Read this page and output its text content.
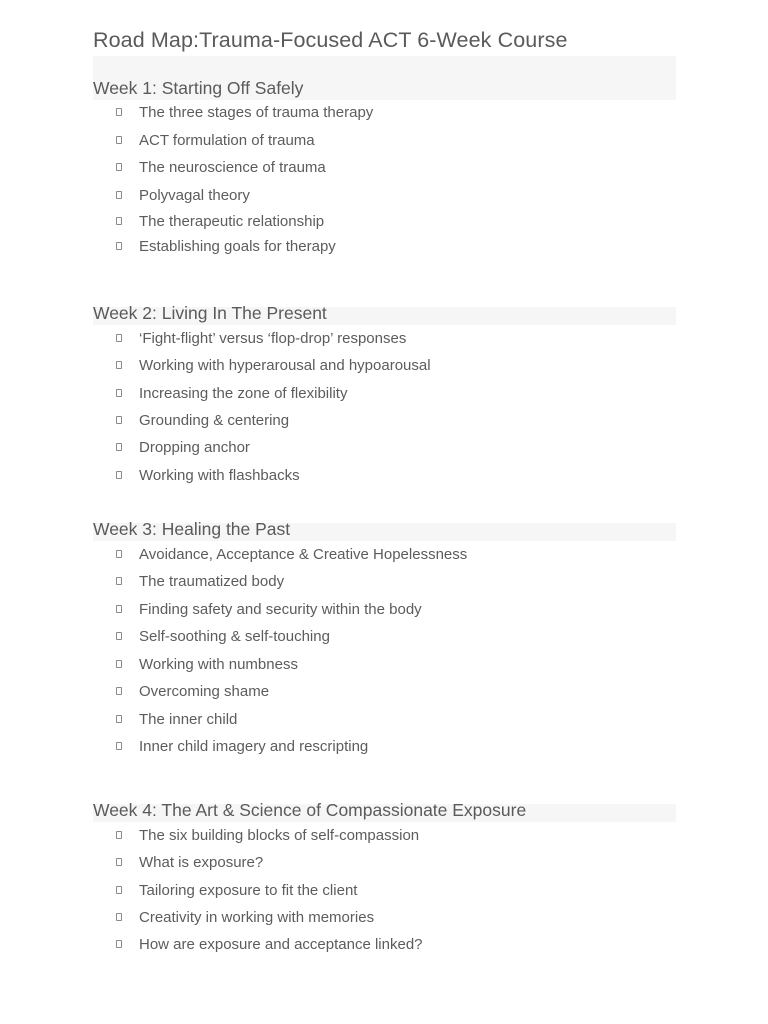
Road Map:Trauma-Focused ACT 6-Week Course
Week 1: Starting Off Safely
The three stages of trauma therapy
ACT formulation of trauma
The neuroscience of trauma
Polyvagal theory
The therapeutic relationship
Establishing goals for therapy
Week 2: Living In The Present
‘Fight-flight’ versus ‘flop-drop’ responses
Working with hyperarousal and hypoarousal
Increasing the zone of flexibility
Grounding & centering
Dropping anchor
Working with flashbacks
Week 3: Healing the Past
Avoidance, Acceptance & Creative Hopelessness
The traumatized body
Finding safety and security within the body
Self-soothing & self-touching
Working with numbness
Overcoming shame
The inner child
Inner child imagery and rescripting
Week 4: The Art & Science of Compassionate Exposure
The six building blocks of self-compassion
What is exposure?
Tailoring exposure to fit the client
Creativity in working with memories
How are exposure and acceptance linked?
